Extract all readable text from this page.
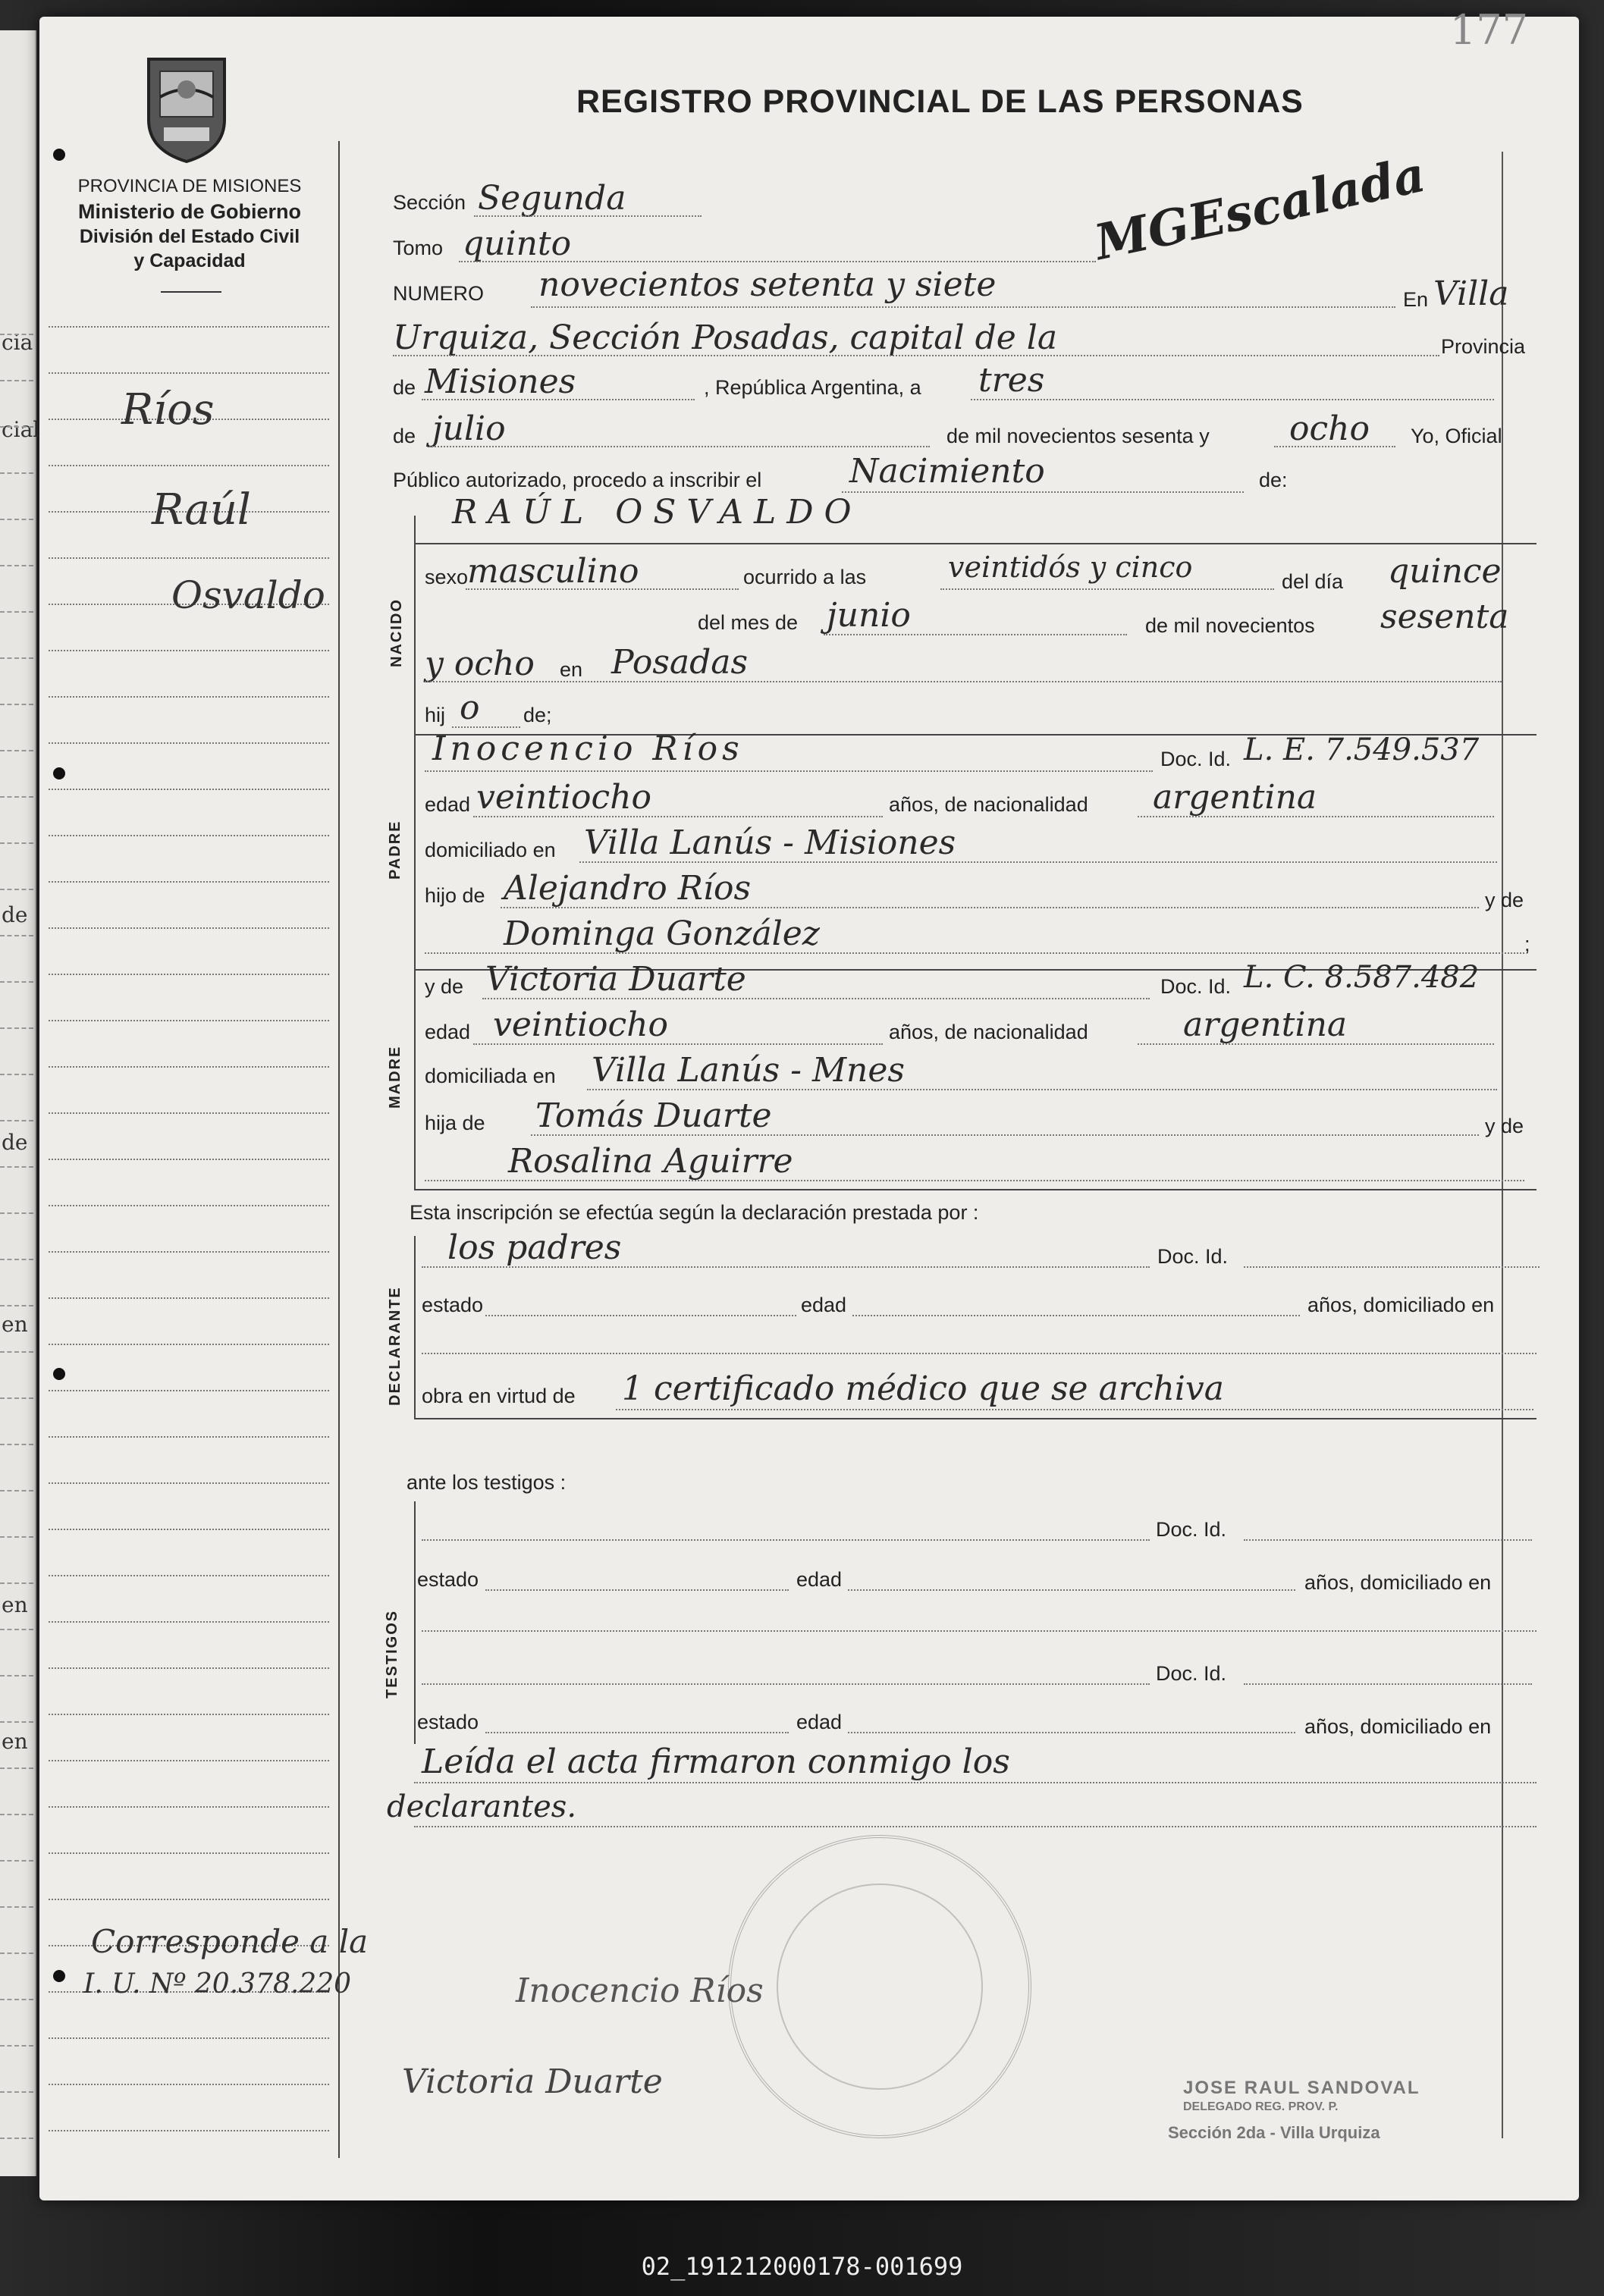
cia
cial
de
de
en
en
en
177
PROVINCIA DE MISIONES
Ministerio de Gobierno
División del Estado Civil
y Capacidad
REGISTRO PROVINCIAL DE LAS PERSONAS
Ríos
Raúl
Osvaldo
Corresponde a la
I. U. Nº 20.378.220
Sección Segunda	MGEscalada
Tomo quinto
NUMERO novecientos setenta y siete	En Villa
Urquiza, Sección Posadas, capital de la	Provincia
de Misiones	, República Argentina, a tres
de julio	de mil novecientos sesenta y ocho Yo, Oficial
Público autorizado, procedo a inscribir el	Nacimiento	de:
NACIDO
RAÚL OSVALDO
sexo
masculino	ocurrido a las	veintidós y cinco	del día quince
del mes de junio	de mil novecientos sesenta
y ocho en Posadas
hij o de;
PADRE
Inocencio Ríos	Doc. Id. L. E. 7.549.537
edad veintiocho	años, de nacionalidad argentina
domiciliado en Villa Lanús - Misiones
hijo de Alejandro Ríos	y de
Dominga González	;
MADRE
y de Victoria Duarte	Doc. Id. L. C. 8.587.482
edad veintiocho	años, de nacionalidad	argentina
domiciliada en Villa Lanús - Mnes
hija de Tomás Duarte	y de
Rosalina Aguirre
Esta inscripción se efectúa según la declaración prestada por :
DECLARANTE
los padres	Doc. Id.
estado	edad	años, domiciliado en
obra en virtud de 1 certificado médico que se archiva
ante los testigos :
TESTIGOS
Doc. Id.
estado	edad	años, domiciliado en
Doc. Id.
estado	edad	años, domiciliado en
Leída el acta firmaron conmigo los
declarantes.
Inocencio Ríos
Victoria Duarte	JOSE RAUL SANDOVAL
DELEGADO REG. PROV. P.
Sección 2da - Villa Urquiza
02_191212000178-001699
